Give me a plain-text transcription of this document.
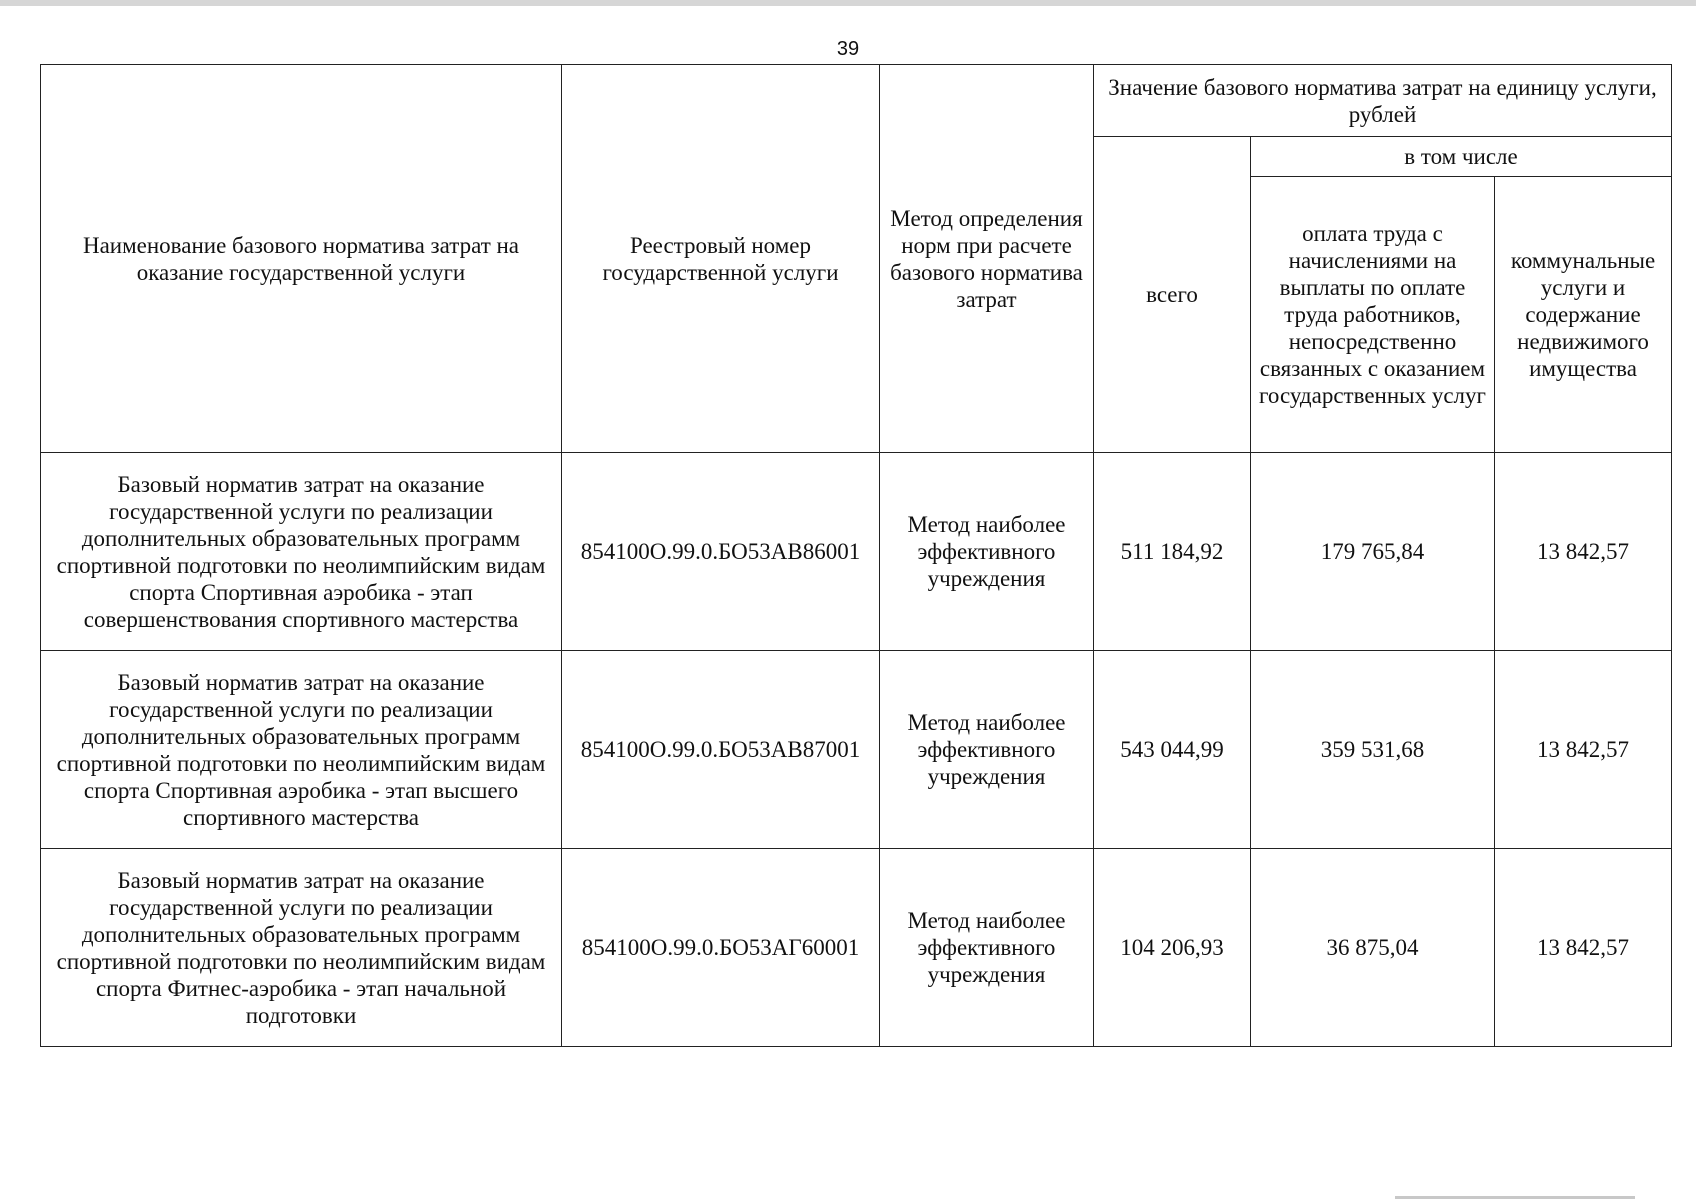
39
Наименование базового норматива затрат на оказание государственной услуги	Реестровый номер государственной услуги	Метод определения норм при расчете базового норматива затрат	Значение базового норматива затрат на единицу услуги, рублей		
			всего	в том числе	
				оплата труда с начислениями на выплаты по оплате труда работников, непосредственно связанных с оказанием государственных услуг	коммунальные услуги и содержание недвижимого имущества
Базовый норматив затрат на оказание государственной услуги по реализации дополнительных образовательных программ спортивной подготовки по неолимпийским видам спорта Спортивная аэробика - этап совершенствования спортивного мастерства	854100О.99.0.БО53АВ86001	Метод наиболее эффективного учреждения	511 184,92	179 765,84	13 842,57
Базовый норматив затрат на оказание государственной услуги по реализации дополнительных образовательных программ спортивной подготовки по неолимпийским видам спорта Спортивная аэробика - этап высшего спортивного мастерства	854100О.99.0.БО53АВ87001	Метод наиболее эффективного учреждения	543 044,99	359 531,68	13 842,57
Базовый норматив затрат на оказание государственной услуги по реализации дополнительных образовательных программ спортивной подготовки по неолимпийским видам спорта Фитнес-аэробика - этап начальной подготовки	854100О.99.0.БО53АГ60001	Метод наиболее эффективного учреждения	104 206,93	36 875,04	13 842,57
